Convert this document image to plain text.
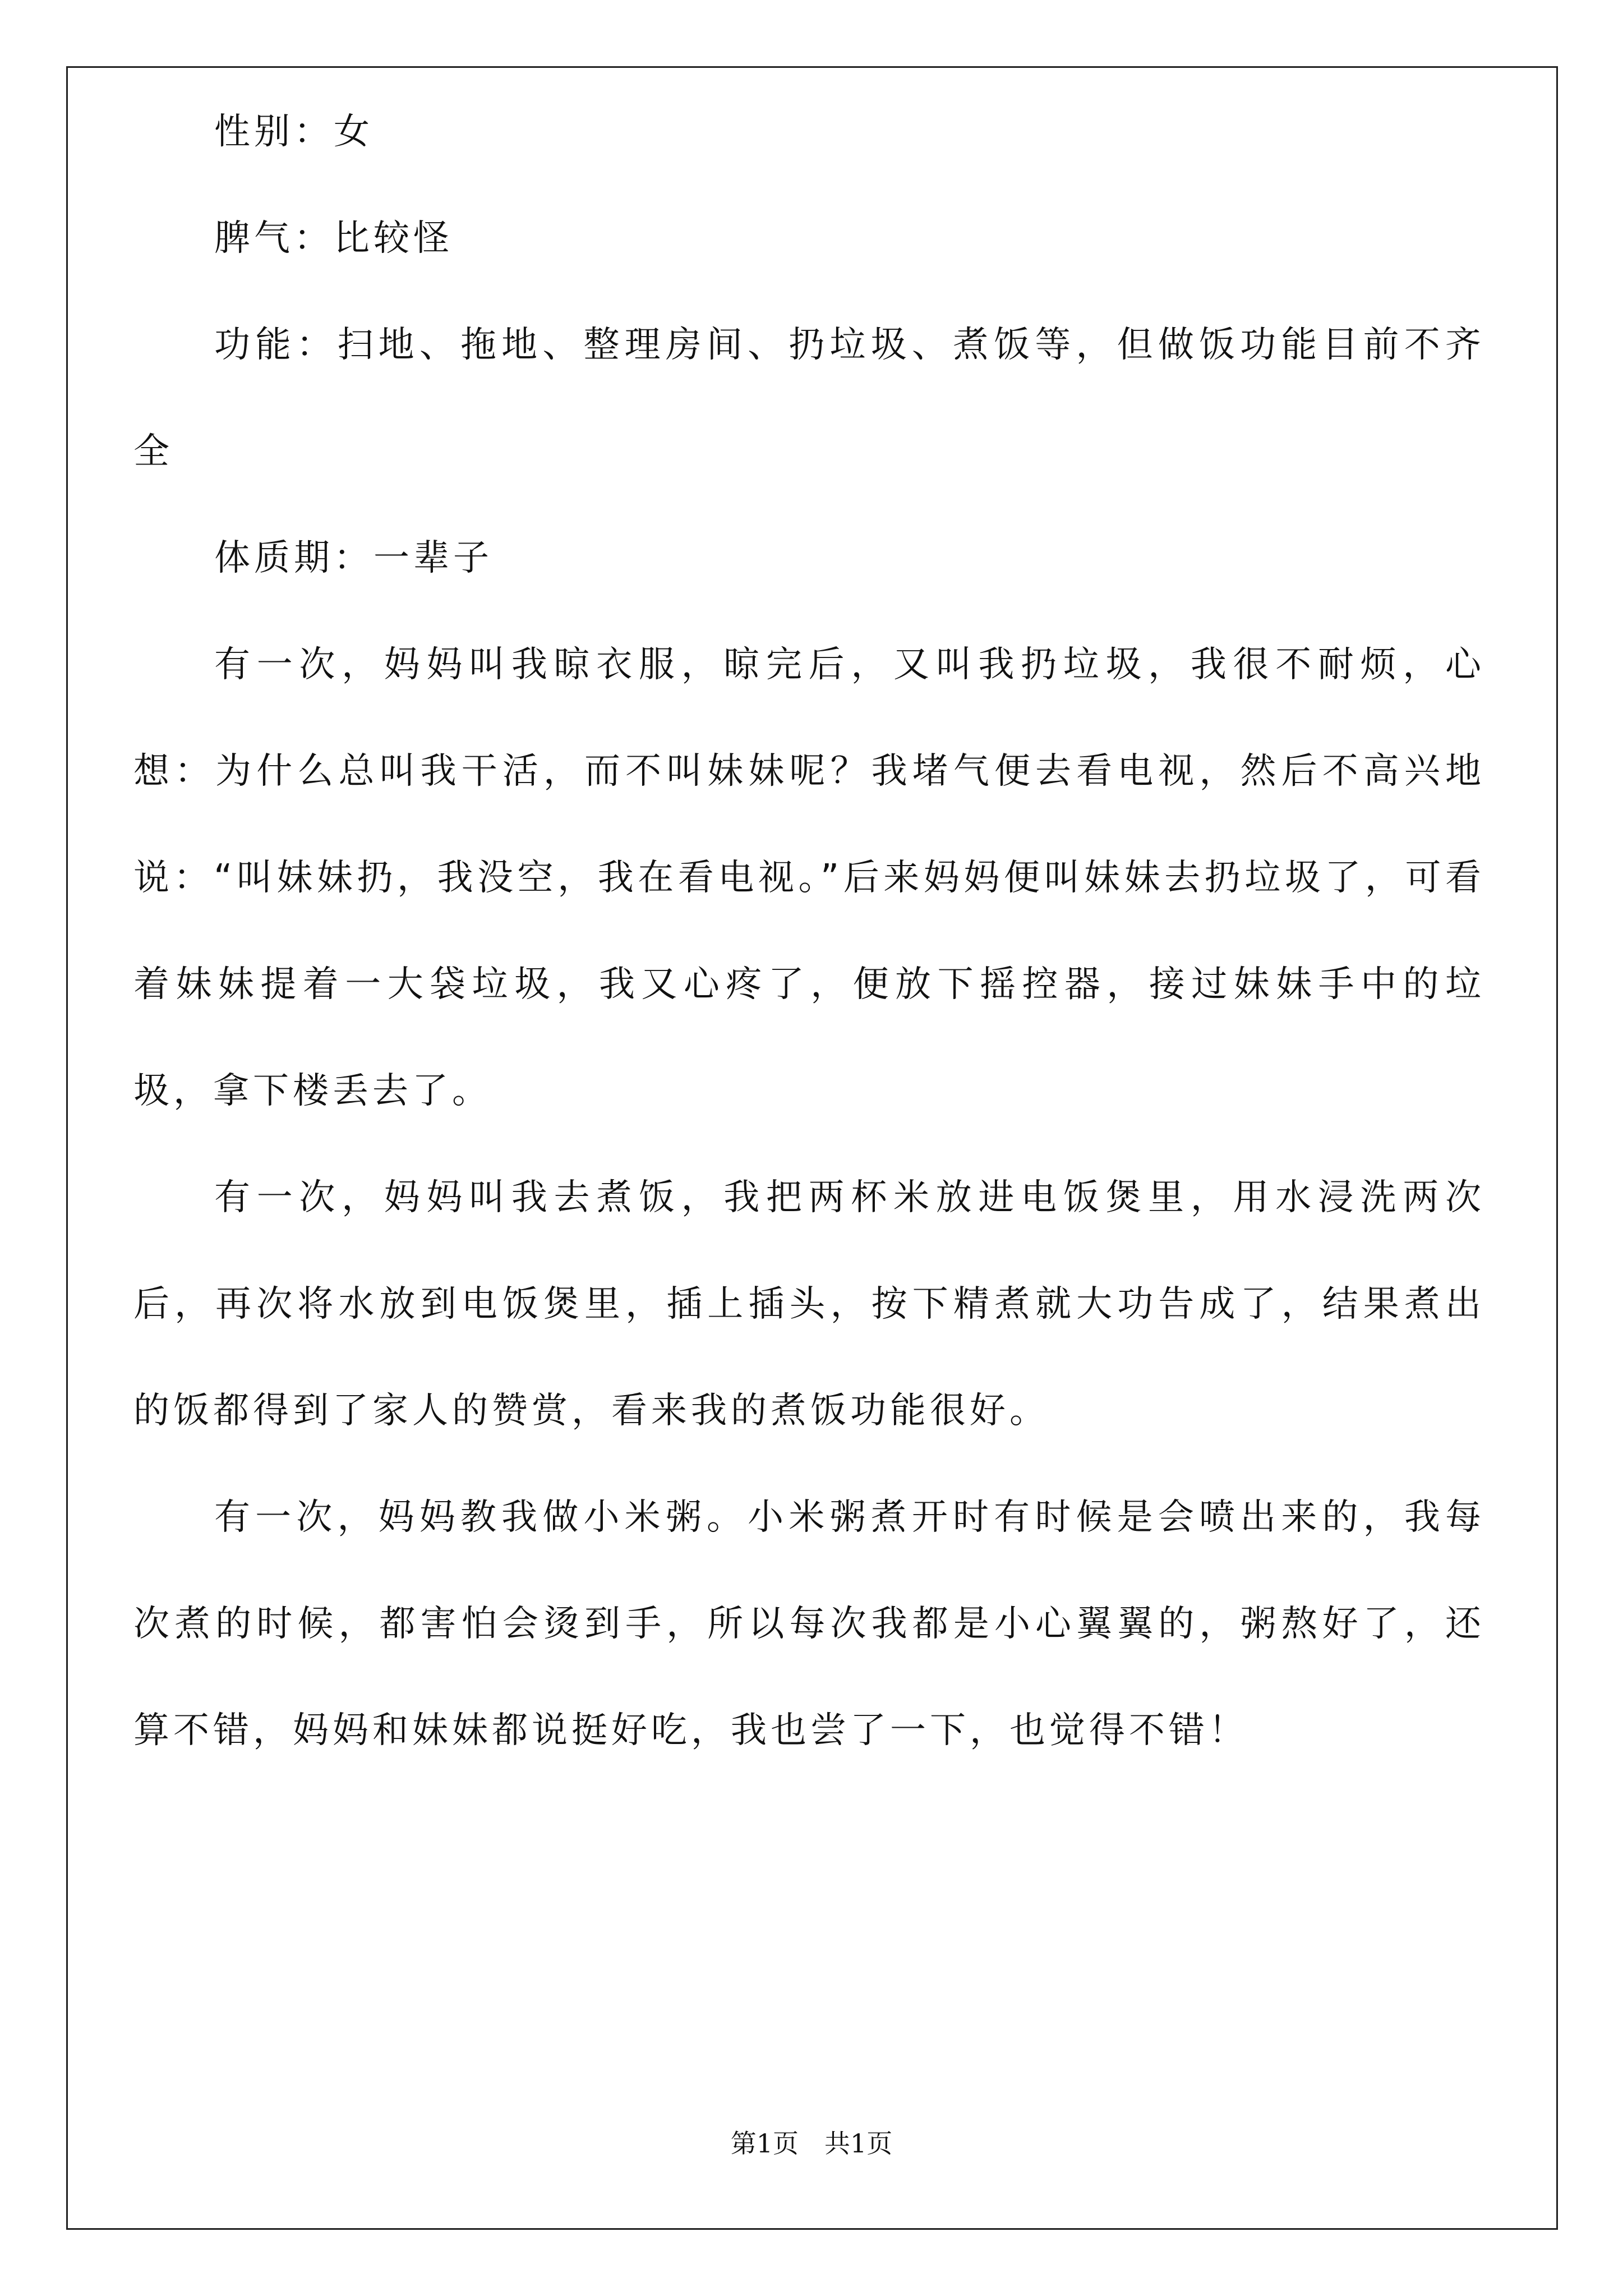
性别：女

脾气：比较怪

功能：扫地、拖地、整理房间、扔垃圾、煮饭等，但做饭功能目前不齐全

体质期：一辈子

有一次，妈妈叫我晾衣服，晾完后，又叫我扔垃圾，我很不耐烦，心想：为什么总叫我干活，而不叫妹妹呢？我堵气便去看电视，然后不高兴地说：“叫妹妹扔，我没空，我在看电视。”后来妈妈便叫妹妹去扔垃圾了，可看着妹妹提着一大袋垃圾，我又心疼了，便放下摇控器，接过妹妹手中的垃圾，拿下楼丢去了。

有一次，妈妈叫我去煮饭，我把两杯米放进电饭煲里，用水浸洗两次后，再次将水放到电饭煲里，插上插头，按下精煮就大功告成了，结果煮出的饭都得到了家人的赞赏，看来我的煮饭功能很好。

有一次，妈妈教我做小米粥。小米粥煮开时有时候是会喷出来的，我每次煮的时候，都害怕会烫到手，所以每次我都是小心翼翼的，粥熬好了，还算不错，妈妈和妹妹都说挺好吃，我也尝了一下，也觉得不错！

第1页　共1页
